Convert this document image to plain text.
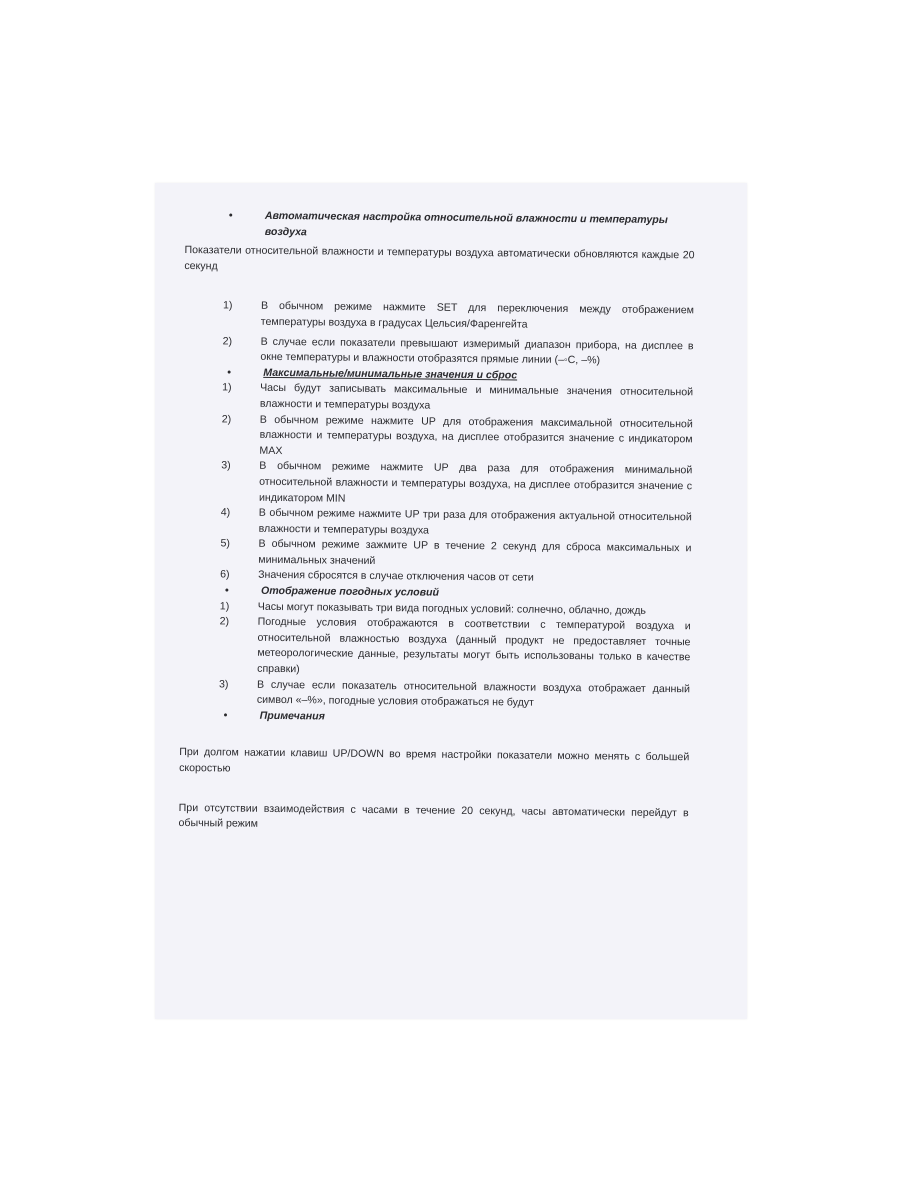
• Автоматическая настройка относительной влажности и температуры воздуха
Показатели относительной влажности и температуры воздуха автоматически обновляются каждые 20 секунд
1)	В обычном режиме нажмите SET для переключения между отображением температуры воздуха в градусах Цельсия/Фаренгейта
2)	В случае если показатели превышают измеримый диапазон прибора, на дисплее в окне температуры и влажности отобразятся прямые линии (–◦С, –%)
• Максимальные/минимальные значения и сброс
1)	Часы будут записывать максимальные и минимальные значения относительной влажности и температуры воздуха
2)	В обычном режиме нажмите UP для отображения максимальной относительной влажности и температуры воздуха, на дисплее отобразится значение с индикатором MAX
3)	В обычном режиме нажмите UP два раза для отображения минимальной относительной влажности и температуры воздуха, на дисплее отобразится значение с индикатором MIN
4)	В обычном режиме нажмите UP три раза для отображения актуальной относительной влажности и температуры воздуха
5)	В обычном режиме зажмите UP в течение 2 секунд для сброса максимальных и минимальных значений
6)	Значения сбросятся в случае отключения часов от сети
• Отображение погодных условий
1)	Часы могут показывать три вида погодных условий: солнечно, облачно, дождь
2)	Погодные условия отображаются в соответствии с температурой воздуха и относительной влажностью воздуха (данный продукт не предоставляет точные метеорологические данные, результаты могут быть использованы только в качестве справки)
3)	В случае если показатель относительной влажности воздуха отображает данный символ «–%», погодные условия отображаться не будут
• Примечания
При долгом нажатии клавиш UP/DOWN во время настройки показатели можно менять с большей скоростью
При отсутствии взаимодействия с часами в течение 20 секунд, часы автоматически перейдут в обычный режим
